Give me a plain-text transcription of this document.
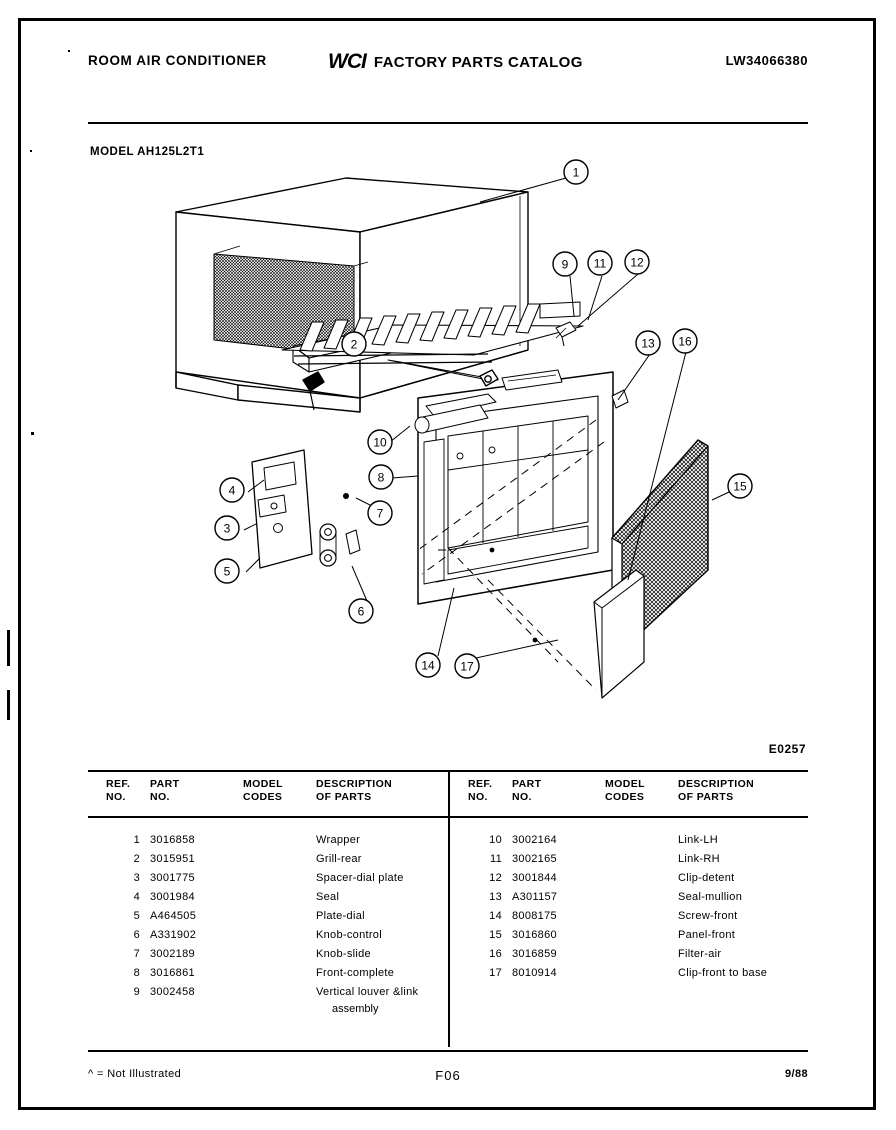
ROOM AIR CONDITIONER	WCI FACTORY PARTS CATALOG	LW34066380
MODEL AH125L2T1
1
2
3
4
5
6
7
8
9
10
11 12
13
14
15
16
17
E0257
REF.
NO.
PART
NO.
MODEL
CODES
DESCRIPTION
OF PARTS
REF.
NO.
PART
NO.
MODEL
CODES
DESCRIPTION
OF PARTS
1 3016858	Wrapper
2 3015951	Grill-rear
3 3001775	Spacer-dial plate
4 3001984	Seal
5 A464505	Plate-dial
6 A331902	Knob-control
7 3002189	Knob-slide
8 3016861	Front-complete
9 3002458	Vertical louver &link
assembly
10 3002164	Link-LH
11 3002165	Link-RH
12 3001844	Clip-detent
13 A301157	Seal-mullion
14 8008175	Screw-front
15 3016860	Panel-front
16 3016859	Filter-air
17 8010914	Clip-front to base
^ = Not Illustrated	F06	9/88
